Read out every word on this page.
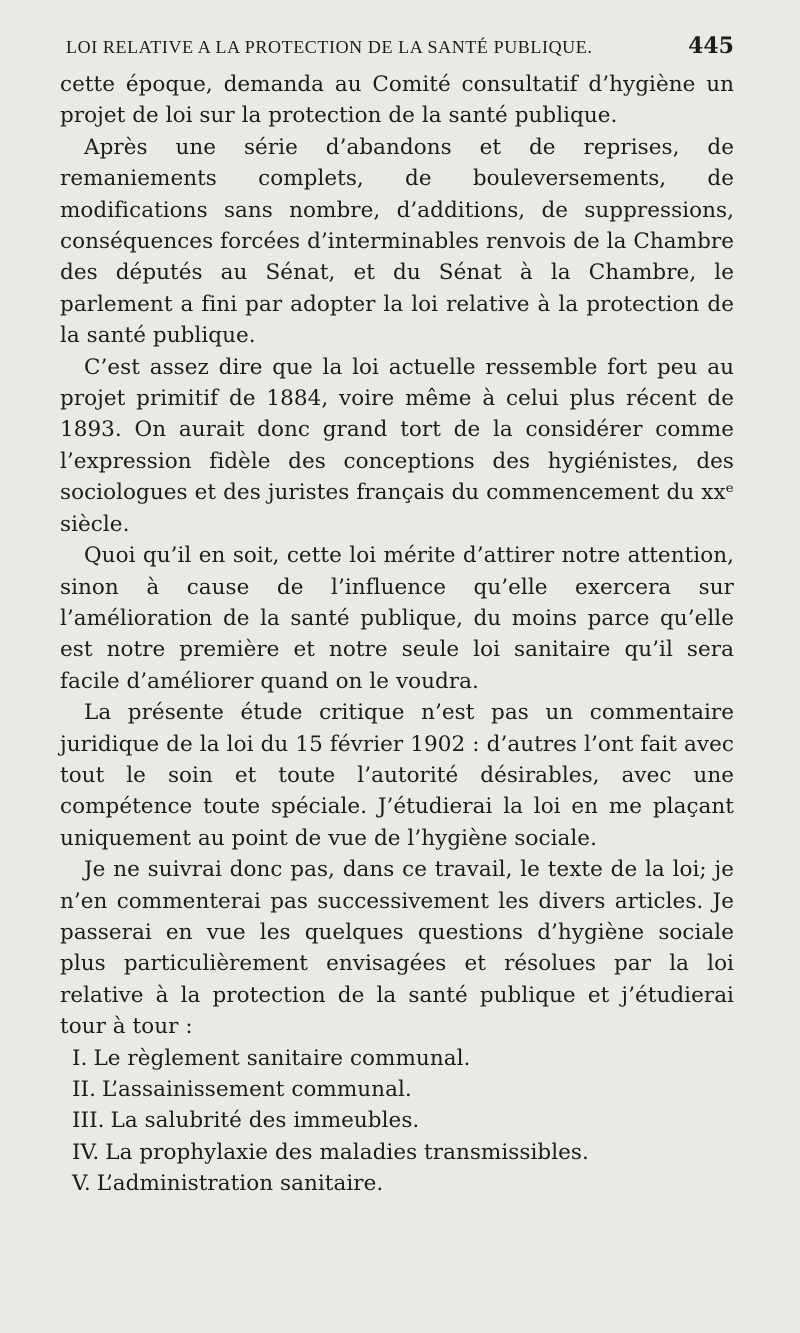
LOI RELATIVE A LA PROTECTION DE LA SANTÉ PUBLIQUE.	445

cette époque, demanda au Comité consultatif d’hygiène un projet de loi sur la protection de la santé publique.

Après une série d’abandons et de reprises, de remaniements complets, de bouleversements, de modifications sans nombre, d’additions, de suppressions, conséquences forcées d’interminables renvois de la Chambre des députés au Sénat, et du Sénat à la Chambre, le parlement a fini par adopter la loi relative à la protection de la santé publique.

C’est assez dire que la loi actuelle ressemble fort peu au projet primitif de 1884, voire même à celui plus récent de 1893. On aurait donc grand tort de la considérer comme l’expression fidèle des conceptions des hygiénistes, des sociologues et des juristes français du commencement du xxᵉ siècle.

Quoi qu’il en soit, cette loi mérite d’attirer notre attention, sinon à cause de l’influence qu’elle exercera sur l’amélioration de la santé publique, du moins parce qu’elle est notre première et notre seule loi sanitaire qu’il sera facile d’améliorer quand on le voudra.

La présente étude critique n’est pas un commentaire juridique de la loi du 15 février 1902 : d’autres l’ont fait avec tout le soin et toute l’autorité désirables, avec une compétence toute spéciale. J’étudierai la loi en me plaçant uniquement au point de vue de l’hygiène sociale.

Je ne suivrai donc pas, dans ce travail, le texte de la loi; je n’en commenterai pas successivement les divers articles. Je passerai en vue les quelques questions d’hygiène sociale plus particulièrement envisagées et résolues par la loi relative à la protection de la santé publique et j’étudierai tour à tour :

I. Le règlement sanitaire communal.
II. L’assainissement communal.
III. La salubrité des immeubles.
IV. La prophylaxie des maladies transmissibles.
V. L’administration sanitaire.
